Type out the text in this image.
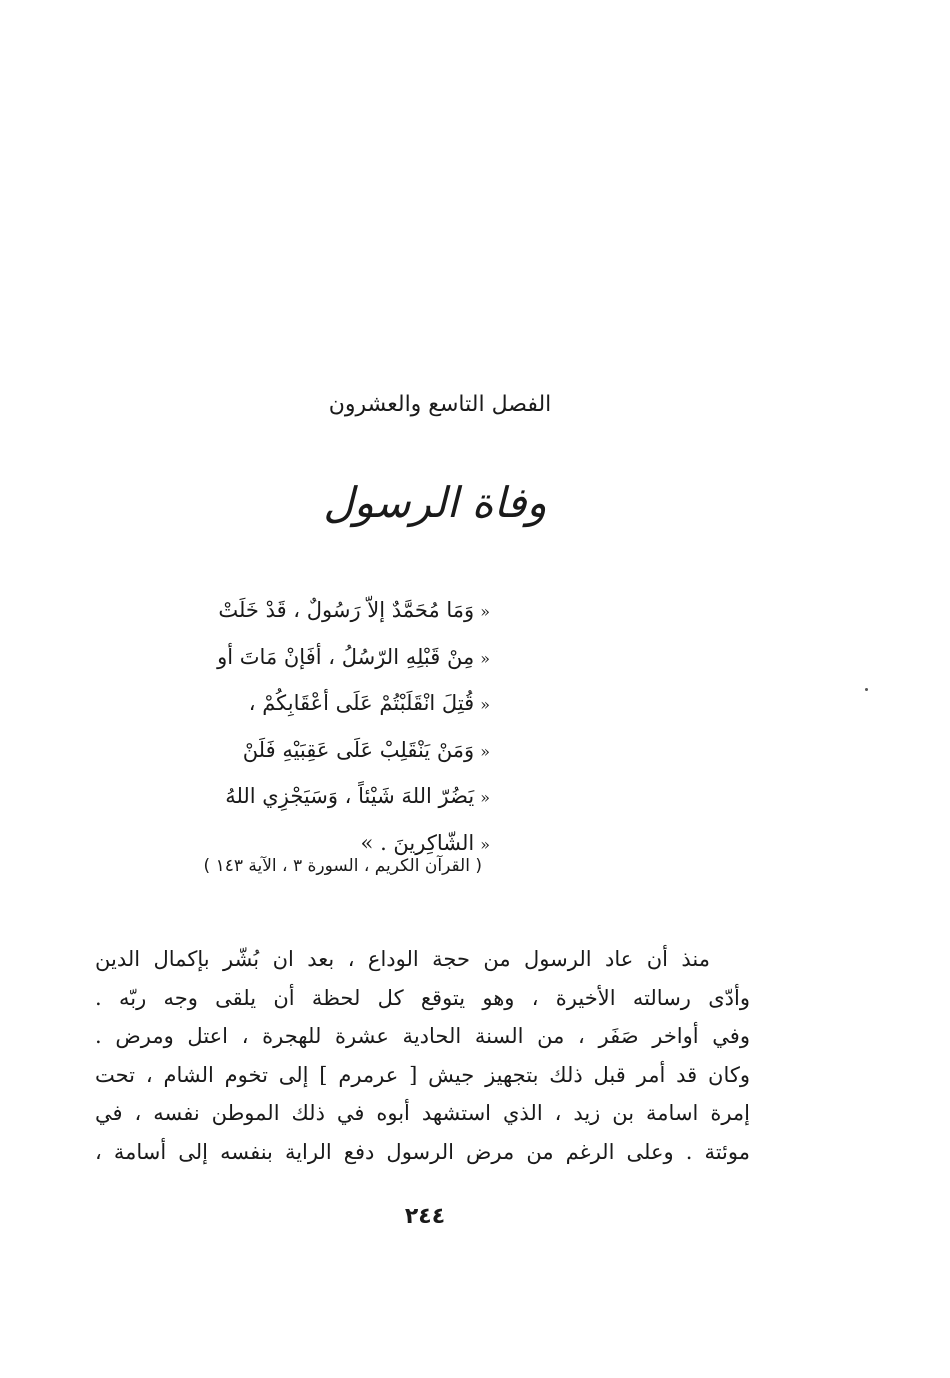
الفصل التاسع والعشرون
وفاة الرسول
«وَمَا مُحَمَّدٌ إلاّ رَسُولٌ ، قَدْ خَلَتْ
«مِنْ قَبْلِهِ الرّسُلُ ، أفَإنْ مَاتَ أو
«قُتِلَ انْقَلَبْتُمْ عَلَى أعْقَابِكُمْ ،
«وَمَنْ يَنْقَلِبْ عَلَى عَقِبَيْهِ فَلَنْ
«يَضُرّ اللهَ شَيْئاً ، وَسَيَجْزِي اللهُ
«الشّاكِرينَ . »
( القرآن الكريم ، السورة ٣ ، الآية ١٤٣ )
منذ أن عاد الرسول من حجة الوداع ، بعد ان بُشّر بإكمال الدين
وأدّى رسالته الأخيرة ، وهو يتوقع كل لحظة أن يلقى وجه ربّه .
وفي أواخر صَفَر ، من السنة الحادية عشرة للهجرة ، اعتل ومرض .
وكان قد أمر قبل ذلك بتجهيز جيش [ عرمرم ] إلى تخوم الشام ، تحت
إمرة اسامة بن زيد ، الذي استشهد أبوه في ذلك الموطن نفسه ، في
موئتة . وعلى الرغم من مرض الرسول دفع الراية بنفسه إلى أسامة ،
٢٤٤
